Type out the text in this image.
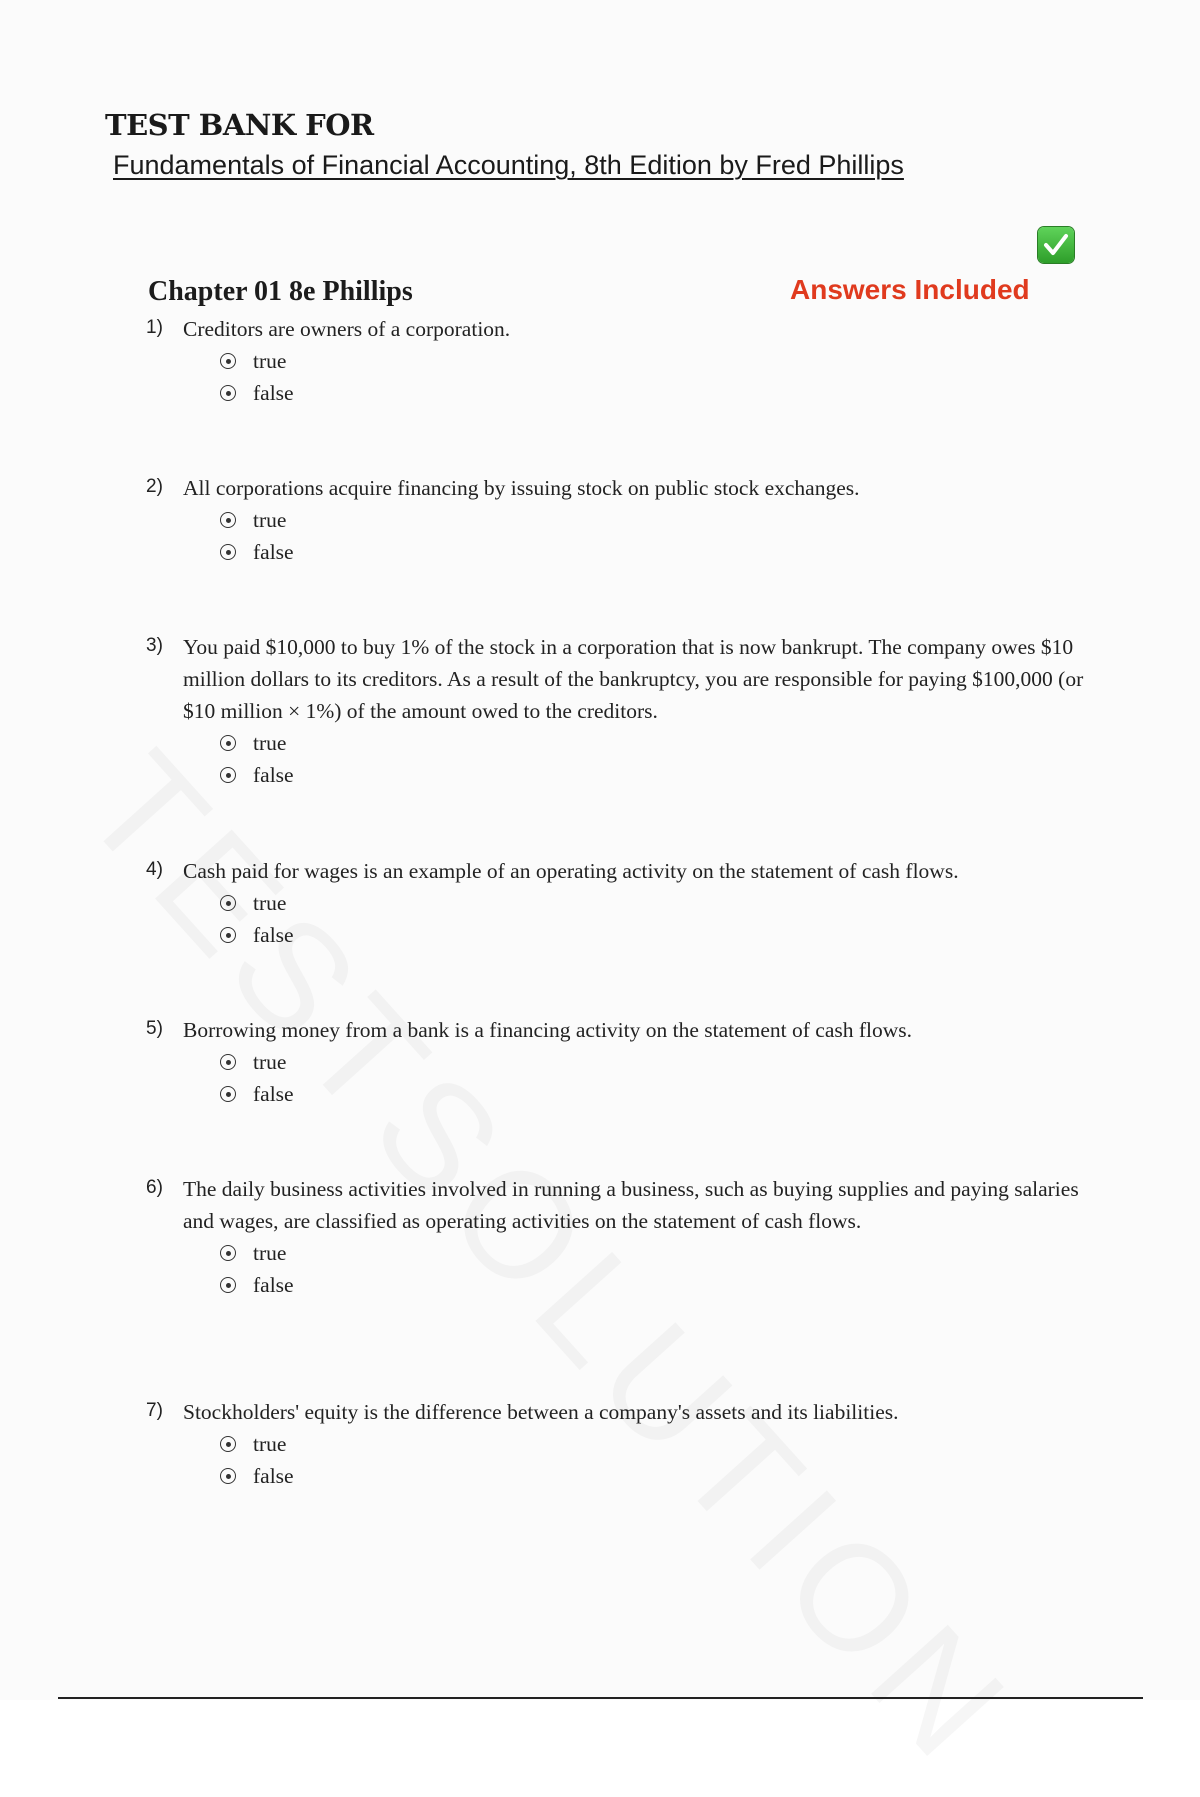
TEST BANK FOR
Fundamentals of Financial Accounting, 8th Edition by Fred Phillips
Chapter 01 8e Phillips	Answers Included
1) Creditors are owners of a corporation.
true
false
2) All corporations acquire financing by issuing stock on public stock exchanges.
true
false
3) You paid $10,000 to buy 1% of the stock in a corporation that is now bankrupt. The company owes $10 million dollars to its creditors. As a result of the bankruptcy, you are responsible for paying $100,000 (or $10 million × 1%) of the amount owed to the creditors.
true
false
4) Cash paid for wages is an example of an operating activity on the statement of cash flows.
true
false
5) Borrowing money from a bank is a financing activity on the statement of cash flows.
true
false
6) The daily business activities involved in running a business, such as buying supplies and paying salaries and wages, are classified as operating activities on the statement of cash flows.
true
false
7) Stockholders' equity is the difference between a company's assets and its liabilities.
true
false
